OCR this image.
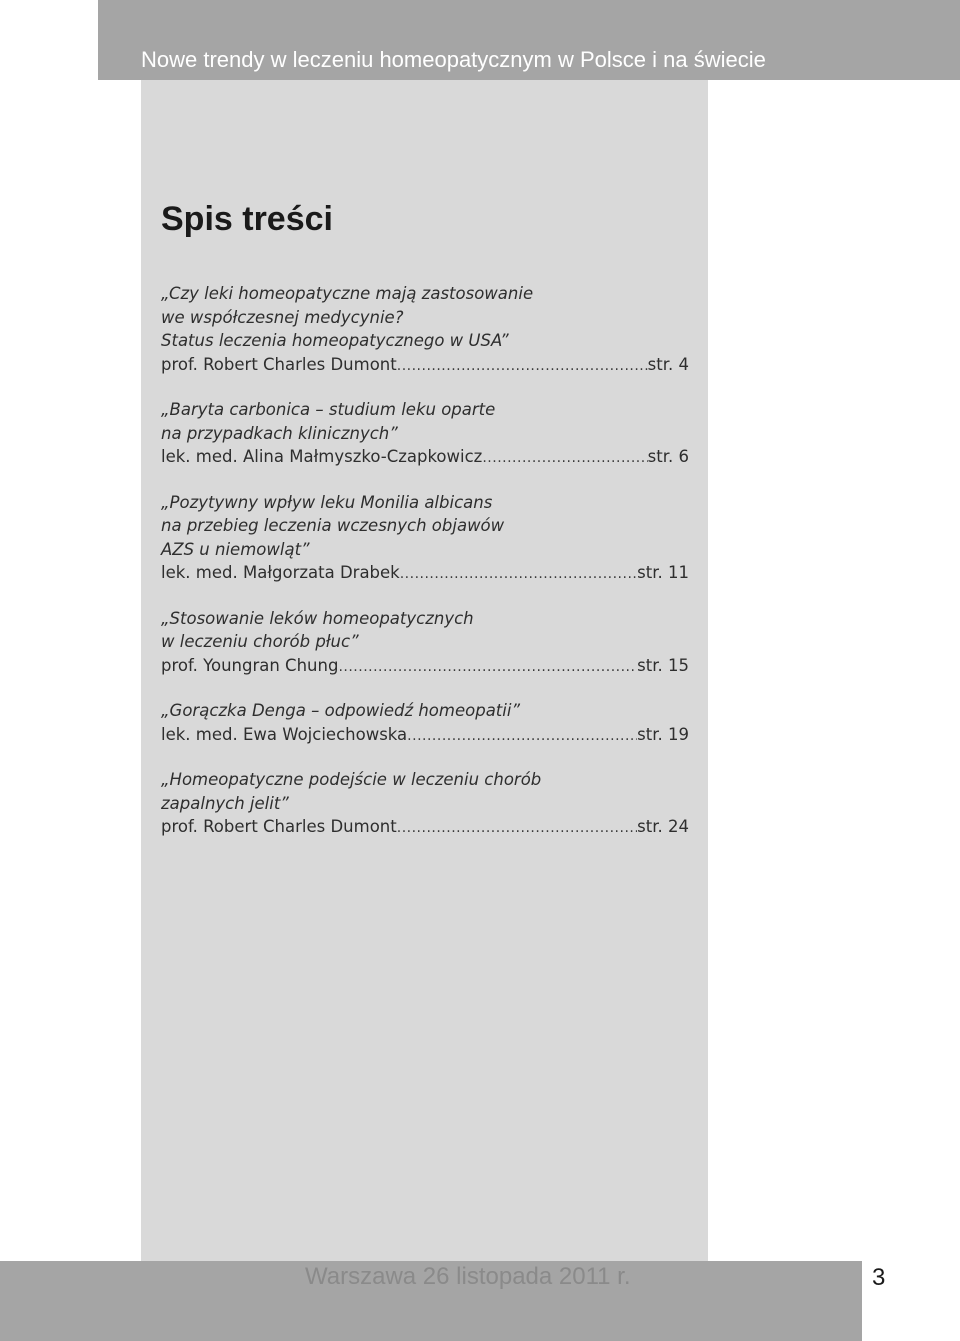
Nowe trendy w leczeniu homeopatycznym w Polsce i na świecie
Spis treści
„Czy leki homeopatyczne mają zastosowanie
we współczesnej medycynie?
Status leczenia homeopatycznego w USA”
prof. Robert Charles Dumont .....	str. 4
„Baryta carbonica – studium leku oparte
na przypadkach klinicznych”
lek. med. Alina Małmyszko-Czapkowicz .....	str. 6
„Pozytywny wpływ leku Monilia albicans
na przebieg leczenia wczesnych objawów
AZS u niemowląt”
lek. med. Małgorzata Drabek .....	str. 11
„Stosowanie leków homeopatycznych
w leczeniu chorób płuc”
prof. Youngran Chung .....	str. 15
„Gorączka Denga – odpowiedź homeopatii”
lek. med. Ewa Wojciechowska .....	str. 19
„Homeopatyczne podejście w leczeniu chorób
zapalnych jelit”
prof. Robert Charles Dumont .....	str. 24
Warszawa 26 listopada 2011 r.	3
